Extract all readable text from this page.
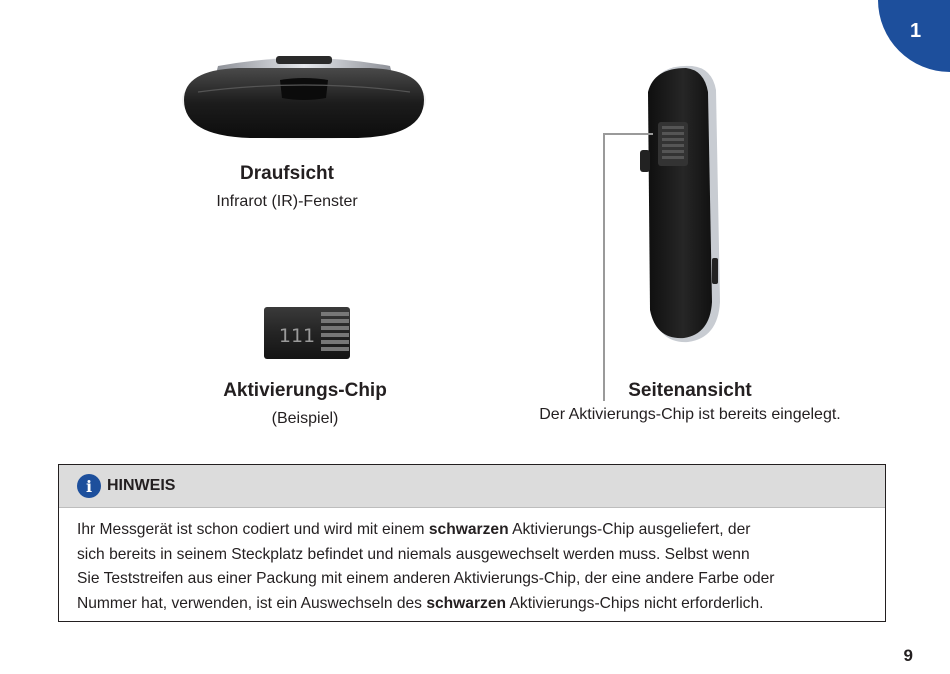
1
Draufsicht
Infrarot (IR)-Fenster
111
Aktivierungs-Chip
(Beispiel)
Seitenansicht
Der Aktivierungs-Chip ist bereits eingelegt.
i HINWEIS
Ihr Messgerät ist schon codiert und wird mit einem schwarzen Aktivierungs-Chip ausgeliefert, der
sich bereits in seinem Steckplatz befindet und niemals ausgewechselt werden muss. Selbst wenn
Sie Teststreifen aus einer Packung mit einem anderen Aktivierungs-Chip, der eine andere Farbe oder
Nummer hat, verwenden, ist ein Auswechseln des schwarzen Aktivierungs-Chips nicht erforderlich.
9
